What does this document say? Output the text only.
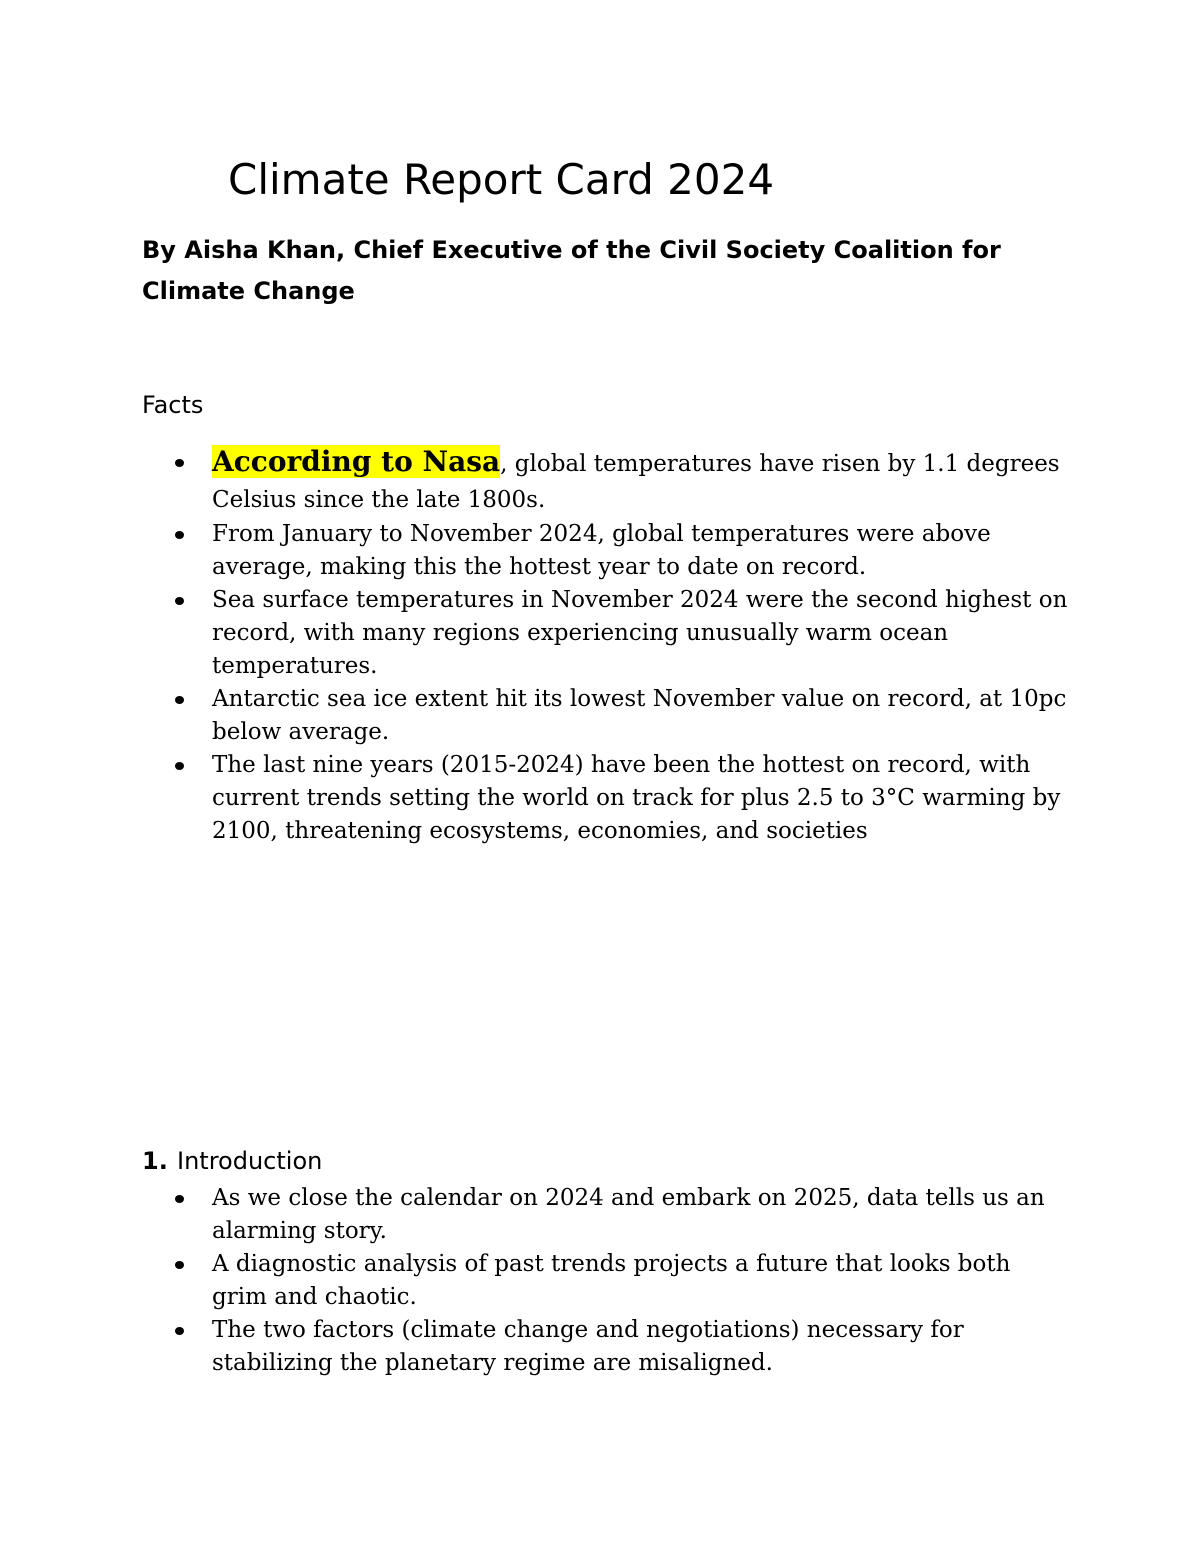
Climate Report Card 2024

By Aisha Khan, Chief Executive of the Civil Society Coalition for Climate Change

Facts
According to Nasa, global temperatures have risen by 1.1 degrees Celsius since the late 1800s.
From January to November 2024, global temperatures were above average, making this the hottest year to date on record.
Sea surface temperatures in November 2024 were the second highest on record, with many regions experiencing unusually warm ocean temperatures.
Antarctic sea ice extent hit its lowest November value on record, at 10pc below average.
The last nine years (2015-2024) have been the hottest on record, with current trends setting the world on track for plus 2.5 to 3°C warming by 2100, threatening ecosystems, economies, and societies
1. Introduction
As we close the calendar on 2024 and embark on 2025, data tells us an alarming story.
A diagnostic analysis of past trends projects a future that looks both grim and chaotic.
The two factors (climate change and negotiations) necessary for stabilizing the planetary regime are misaligned.
